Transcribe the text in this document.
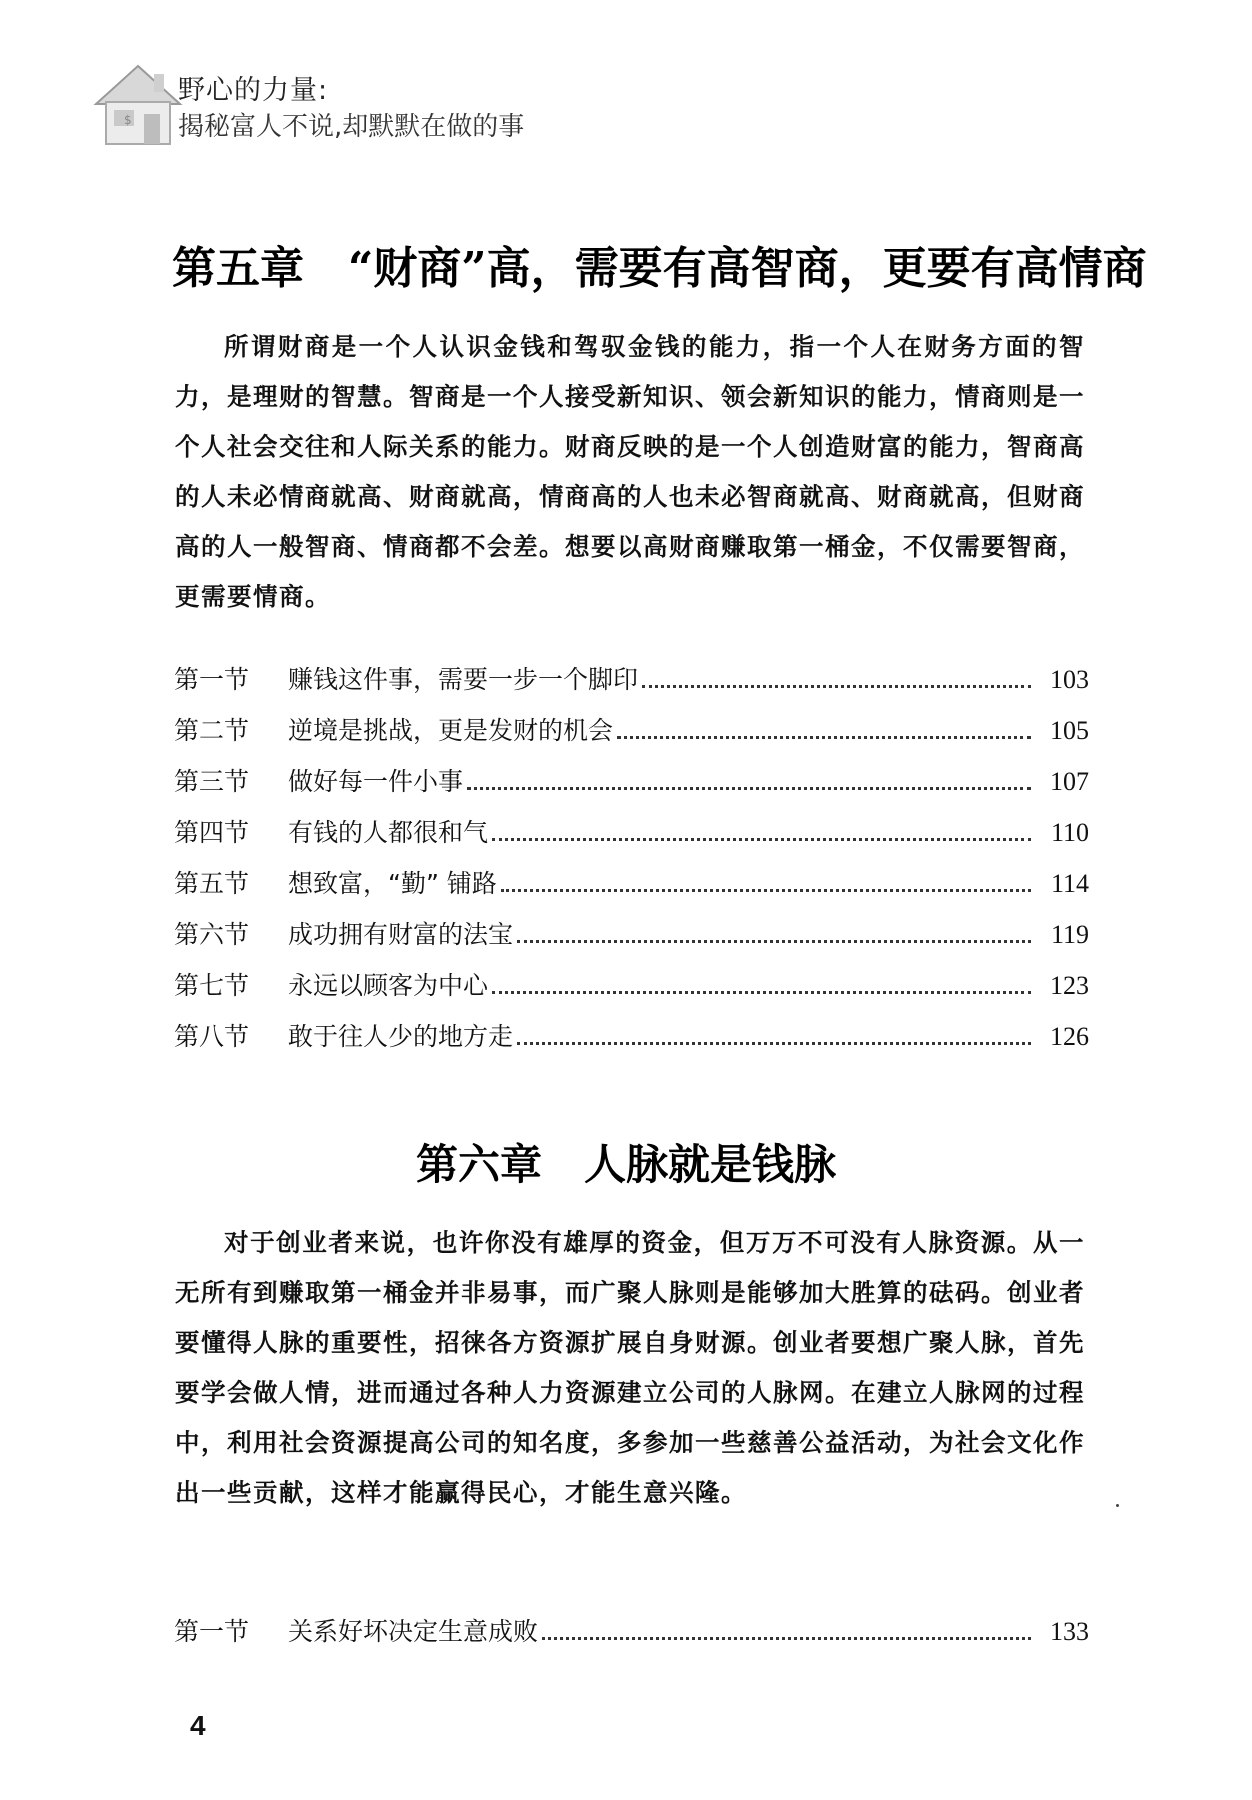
$
野心的力量:
揭秘富人不说,却默默在做的事
第五章　“财商”高，需要有高智商，更要有高情商
所谓财商是一个人认识金钱和驾驭金钱的能力，指一个人在财务方面的智力，是理财的智慧。智商是一个人接受新知识、领会新知识的能力，情商则是一个人社会交往和人际关系的能力。财商反映的是一个人创造财富的能力，智商高的人未必情商就高、财商就高，情商高的人也未必智商就高、财商就高，但财商高的人一般智商、情商都不会差。想要以高财商赚取第一桶金，不仅需要智商，更需要情商。
第一节	赚钱这件事，需要一步一个脚印	103
第二节	逆境是挑战，更是发财的机会	105
第三节	做好每一件小事	107
第四节	有钱的人都很和气	110
第五节	想致富，“勤” 铺路	114
第六节	成功拥有财富的法宝	119
第七节	永远以顾客为中心	123
第八节	敢于往人少的地方走	126
第六章　人脉就是钱脉
对于创业者来说，也许你没有雄厚的资金，但万万不可没有人脉资源。从一无所有到赚取第一桶金并非易事，而广聚人脉则是能够加大胜算的砝码。创业者要懂得人脉的重要性，招徕各方资源扩展自身财源。创业者要想广聚人脉，首先要学会做人情，进而通过各种人力资源建立公司的人脉网。在建立人脉网的过程中，利用社会资源提高公司的知名度，多参加一些慈善公益活动，为社会文化作出一些贡献，这样才能赢得民心，才能生意兴隆。
第一节	关系好坏决定生意成败	133
4
